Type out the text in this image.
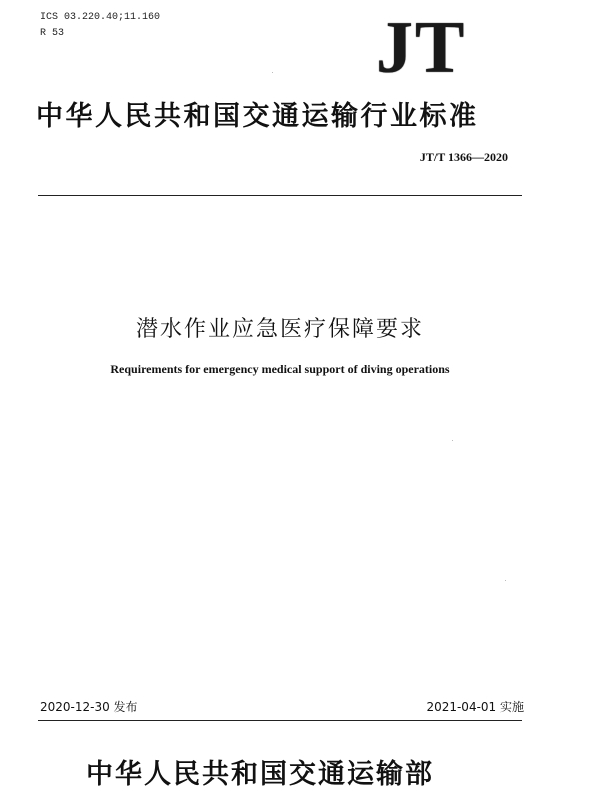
ICS 03.220.40;11.160
R 53	JT
中华人民共和国交通运输行业标准
JT/T 1366—2020
潜水作业应急医疗保障要求
Requirements for emergency medical support of diving operations
2020-12-30 发布	2021-04-01 实施
中华人民共和国交通运输部
